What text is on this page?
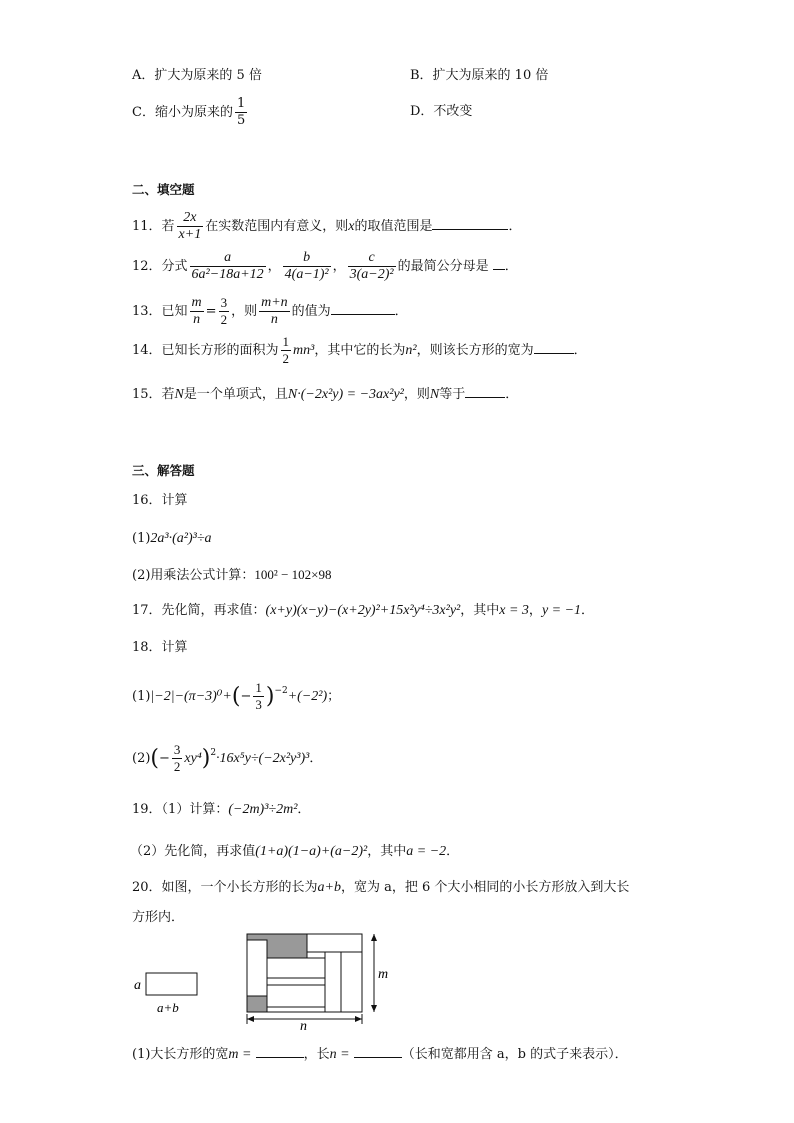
A．扩大为原来的 5 倍	B．扩大为原来的 10 倍
C．缩小为原来的 $\frac{1}{5}$	D．不改变
二、填空题
11．若 $\frac{2x}{x+1}$ 在实数范围内有意义，则x的取值范围是	．
12．分式 $\frac{a}{\text{6a²−18a+12}}$ ， $\frac{b}{\text{4(a−1)²}}$ ， $\frac{c}{\text{3(a−2)²}}$ 的最简公分母是 ．
13．已知 $\frac{m}{n} = \frac{3}{2}$ ，则 $\frac{m+n}{n}$ 的值为	．
14．已知长方形的面积为 $\frac{1}{2} mn^3$，其中它的长为n²，则该长方形的宽为	．
15．若N是一个单项式，且N·(−2x²y) = −3ax²y²，则N等于	．
三、解答题
16．计算
(1)2a³·(a²)³÷a
(2)用乘法公式计算：100² − 102×98
17．先化简，再求值：(x+y)(x−y)−(x+2y)²+15x²y⁴÷3x²y²，其中x = 3，y = −1．
18．计算
$(1)|-2|-(\pi-3)^0+(- \frac{1}{3} )^{-2}+(-2^2)$；
$(2)(- \frac{3}{2} xy^4)^2\cdot 16x^5y\div(-2x^2y^3)^3$．
19．（1）计算：(−2m)³÷2m²．
（2）先化简，再求值(1+a)(1−a)+(a−2)²，其中a = −2．
20．如图，一个小长方形的长为a+b，宽为 a，把 6 个大小相同的小长方形放入到大长
方形内．
a
a+b
m
n
(1)大长方形的宽m =	，长n =	（长和宽都用含 a，b 的式子来表示）．
